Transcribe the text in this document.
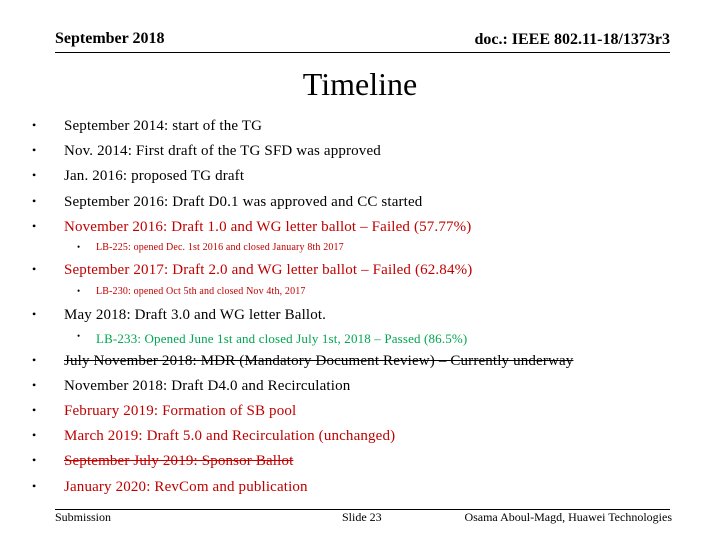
September 2018	doc.: IEEE 802.11-18/1373r3
Timeline
• September 2014: start of the TG
• Nov. 2014: First draft of the TG SFD was approved
• Jan. 2016: proposed TG draft
• September 2016: Draft D0.1 was approved and CC started
• November 2016: Draft 1.0 and WG letter ballot – Failed (57.77%)
• LB-225: opened Dec. 1st 2016 and closed January 8th 2017
• September 2017: Draft 2.0 and WG letter ballot – Failed (62.84%)
• LB-230: opened Oct 5th and closed Nov 4th, 2017
• May 2018: Draft 3.0 and WG letter Ballot.
• LB-233: Opened June 1st and closed July 1st, 2018 – Passed (86.5%)
• July November 2018: MDR (Mandatory Document Review) – Currently underway
• November 2018: Draft D4.0 and Recirculation
• February 2019: Formation of SB pool
• March 2019: Draft 5.0 and Recirculation (unchanged)
• September July 2019: Sponsor Ballot
• January 2020: RevCom and publication
Submission	Slide 23	Osama Aboul-Magd, Huawei Technologies
